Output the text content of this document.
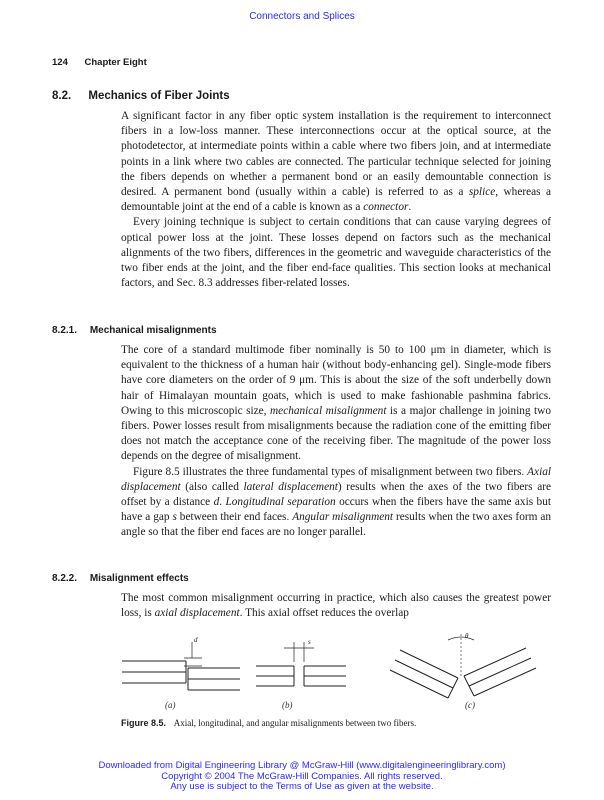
Connectors and Splices
124 Chapter Eight
8.2. Mechanics of Fiber Joints

A significant factor in any fiber optic system installation is the requirement to interconnect fibers in a low-loss manner. These interconnections occur at the optical source, at the photodetector, at intermediate points within a cable where two fibers join, and at intermediate points in a link where two cables are connected. The particular technique selected for joining the fibers depends on whether a permanent bond or an easily demountable connection is desired. A permanent bond (usually within a cable) is referred to as a splice, whereas a demountable joint at the end of a cable is known as a connector.

Every joining technique is subject to certain conditions that can cause varying degrees of optical power loss at the joint. These losses depend on factors such as the mechanical alignments of the two fibers, differences in the geometric and waveguide characteristics of the two fiber ends at the joint, and the fiber end-face qualities. This section looks at mechanical factors, and Sec. 8.3 addresses fiber-related losses.

8.2.1. Mechanical misalignments

The core of a standard multimode fiber nominally is 50 to 100 μm in diameter, which is equivalent to the thickness of a human hair (without body-enhancing gel). Single-mode fibers have core diameters on the order of 9 μm. This is about the size of the soft underbelly down hair of Himalayan mountain goats, which is used to make fashionable pashmina fabrics. Owing to this microscopic size, mechanical misalignment is a major challenge in joining two fibers. Power losses result from misalignments because the radiation cone of the emitting fiber does not match the acceptance cone of the receiving fiber. The magnitude of the power loss depends on the degree of misalignment.

Figure 8.5 illustrates the three fundamental types of misalignment between two fibers. Axial displacement (also called lateral displacement) results when the axes of the two fibers are offset by a distance d. Longitudinal separation occurs when the fibers have the same axis but have a gap s between their end faces. Angular misalignment results when the two axes form an angle so that the fiber end faces are no longer parallel.

8.2.2. Misalignment effects

The most common misalignment occurring in practice, which also causes the greatest power loss, is axial displacement. This axial offset reduces the overlap

d	s
θ
(a)	(b)	(c)
Figure 8.5. Axial, longitudinal, and angular misalignments between two fibers.
Downloaded from Digital Engineering Library @ McGraw-Hill (www.digitalengineeringlibrary.com)
Copyright © 2004 The McGraw-Hill Companies. All rights reserved.
Any use is subject to the Terms of Use as given at the website.
